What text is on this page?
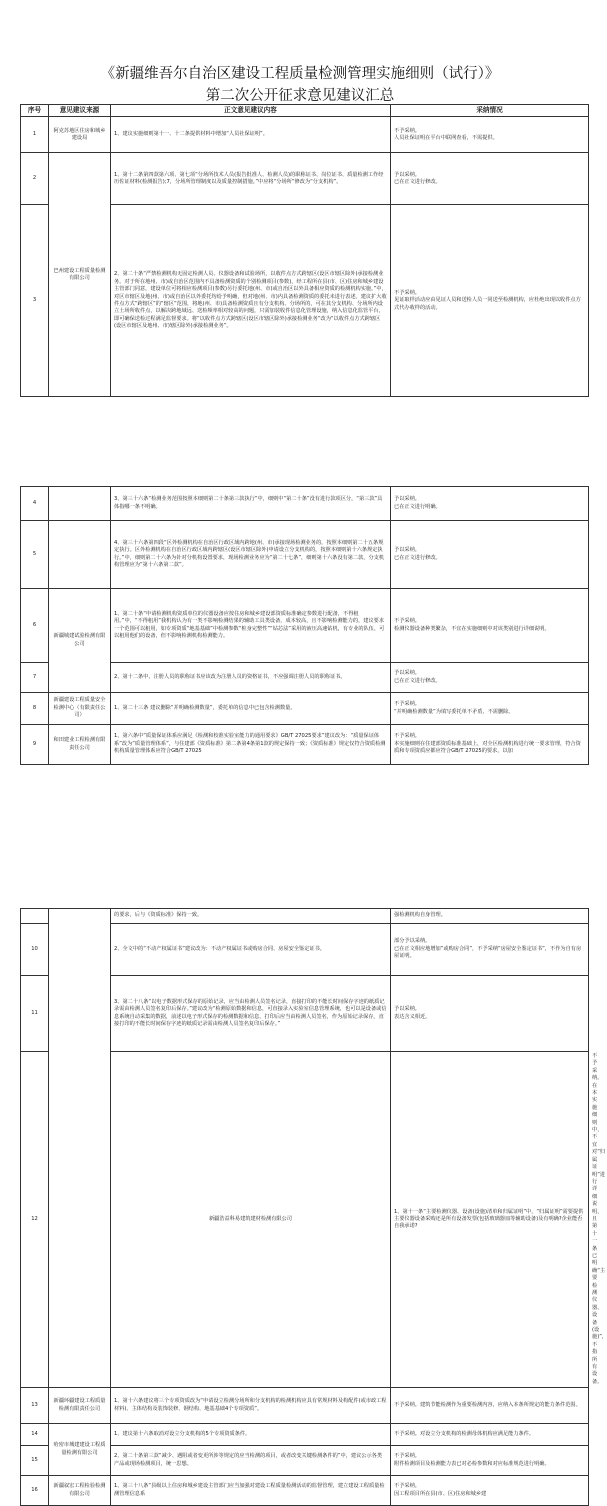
《新疆维吾尔自治区建设工程质量检测管理实施细则（试行）》
第二次公开征求意见建议汇总
序号	意见建议来源	正文意见建议内容	采纳情况
1	阿克苏地区住房和城乡建设局	1、建议实施细则第十一、十二条提供材料中增加“人员社保证明”。	不予采纳。
人员社保证明在平台中联网查看，不需提供。
2	巴州建设工程质量检测有限公司	1、第十二条第四款第六项、第七项“分场所技术人员(报告批准人、检测人员)的职称证书、岗位证书、质量检测工作经历佐证材料(检测报告);7，分场所管理制度以及质量控制措施。”中应将“分场所”修改为“分支机构”。	予以采纳。
已在正文进行修改。
3		2、第二十条“严禁检测机构无固定检测人员、仪器设备和试验场所，以收件点方式跨辖区(设区市辖区除外)承接检测业务。对于所在地州、市)或自治区范围内不具备检测资质的个别检测项目(参数)，经工程所在县(市、区)住房和城乡建设主管部门同意，建设单位可将相应检测项目(参数)另行委托地(州、市)或自治区以外具备相应资质的检测机构实施。”中，对区市辖区及地(州、市)或自治区以外委托均给予明确，但对地(州、市)内具备检测资质的委托未进行表述。建议扩大收件点方式“跨辖区”的“辖区”范围，将地(州、市)具备检测资质且有分支机构、分场所的，可在其分支机构、分场所内设立土场所收件点，以解决跨地域远、送检频率相对较高的问题，只需加装收件信息化管理设施，纳入信息化监管平台，即可确保送检过程满足监督要求。将“以收件点方式跨辖区(设区市辖区除外)承接检测业务”改为“以收件点方式跨辖区(设区市辖区及地州、市)辖区除外)承接检测业务”。	不予采纳。
见证取样活动应由见证人员和送检人员一同送至检测机构，应杜绝出现以收件点方式代办收样的活动。
4		3、第三十六条“检测业务范围按照本细则第二十条第三款执行”中，细则中“第二十条”没有进行款项区分，“第三款”具体指哪一条不明确。	予以采纳。
已在正文进行明确。
5		4、第三十六条第四段“区外检测机构在自治区行政区域内跨地(州、市)承接现场检测业务的，按照本细则第二十五条规定执行。区外检测机构在自治区行政区域内跨辖区(设区市辖区除外)申请设立分支机构的，按照本细则第十六条规定执行。”中，细则第二十六条为针对分机构设置要求，现场检测业务应为“第二十七条”，细则第十六条没有第二款，分支机构管理应为“第十六条第二款”。	予以采纳。
已在正文进行修改。
6	新疆城建试验检测有限公司	1、第二十条“申请检测机构资质单位的仪器设备应按住房和城乡建设部资质标准确定参数进行配备，不得租用。”中，“不得租用”我机构认为有一类不影响检测结果的辅助工具类设备，成本较高，且不影响检测能力的，建议要求一个范围可以租用，如专项资质“地基基础”中检测参数“桩身完整性”“钻芯法”采用的液压高速钻机，有专业的队伍，可以租用他们的设备，但不影响检测机构检测能力。	不予采纳。
检测仪器设备种类繁杂，不宜在实施细则中对该类别进行详细说明。
7		2、第十二条中，注册人员的职称证书应该改为注册人员的资格证书，不应强调注册人员的职称证书。	予以采纳。
已在正文进行修改。
8	新疆建设工程质量安全检测中心（有限责任公司）	1、第二十三条 建议删除“并明确检测数量”，委托单的信息中已包含检测数量。	不予采纳。
“并明确检测数量”为填写委托单不矛盾，不需删除。
9	和田建业工程检测有限责任公司	1、第六条中“质量保证体系应满足《检测和校准实验室能力的通用要求》GB/T 27025要求”建议改为：“质量保证体系”改为“质量管理体系”，与住建部《资质标准》第二条第4条第1款的规定保持一致；《资质标准》规定仅符合资质检测机构质量管理体系应符合GB/T 27025	不予采纳。
本实施细则在住建部资质标准基础上，对全区检测机构进行统一要求管理，符合资质和专项资质应都应符合GB/T 27025的要求，以加
		的要求，后与《资质标准》保持一致。	强检测机构自身管理。	
10		2、全文中的“不动产权属证书”建议改为：不动产权属证书或购房合同、房屋安全鉴定证书。	部分予以采纳。
已在正文相应地增加“或购房合同”，不予采纳“房屋安全鉴定证书”，不作为自有房屋证明。	
11		3、第二十八条“以电子数据形式保存的原始记录，应当由检测人员签名记录，直接打印的不能长时间保存字迹的纸质记录需由检测人员签名复印后保存。”建议改为“检测原始数据和信息，可直接录入实验室信息管理系统，也可以是设备或信息系统自动采集的数据，前述以电子形式保存的检测数据和信息，打印后应当由检测人员签名，作为原始记录保存。直接打印的不能长时间保存字迹的纸质记录需由检测人员签名复印后保存。”	予以采纳。
表达含义相近。	
12		新疆浩益科易建筑建材检测有限公司	1、第十一条“主要检测仪器、设备(设施)清单和归属证明”中，“归属证明”需要提供主要仪器设备采购还是所有设备发票(包括玻璃器皿等辅助设备)及有明确?企业能否自我承诺?	不予采纳。
在本实施细则中，不宜对“归属证明”进行详细说明，且第十一条已明确“主要检测仪器、设备(设施)”，不指所有设备。
13	新疆环疆建设工程质量检测有限责任公司	1、第十六条建议将三个专项资质改为“申请设立检测分场所和分支机构的检测机构应具有常规材料及构配件(或市政工程材料)、主体结构及装饰装修、钢结构、地基基础4个专项资质”。	不予采纳。建筑节能检测作为重要检测内容，应纳入本条所规定的能力条件范围。	
14	哈密市城建建设工程质量检测有限公司	1、建议第十六条取消对设立分支机构的5个专项资质条件。	不予采纳。对设立分支机构的检测母体机构应满足能力条件。	
15		2、第二十条第三款“减少、遇阻或者变更所涉等规定的应当检测的项目，或者改变关键检测条件的”中，建议公示各类产品或现场检测项目，统一思想。	不予采纳。
附件检测项目及检测能力表已对必检参数和对应标准规范进行明确。	
16	新疆叙宏工程检验检测有限公司	1、第三十八条“县级以上住房和城乡建设主管部门应当加强对建设工程质量检测活动的监督管理，建立建设工程质量检测管理信息系	不予采纳。
因工程项目所在县(市、区)住房和城乡建	
